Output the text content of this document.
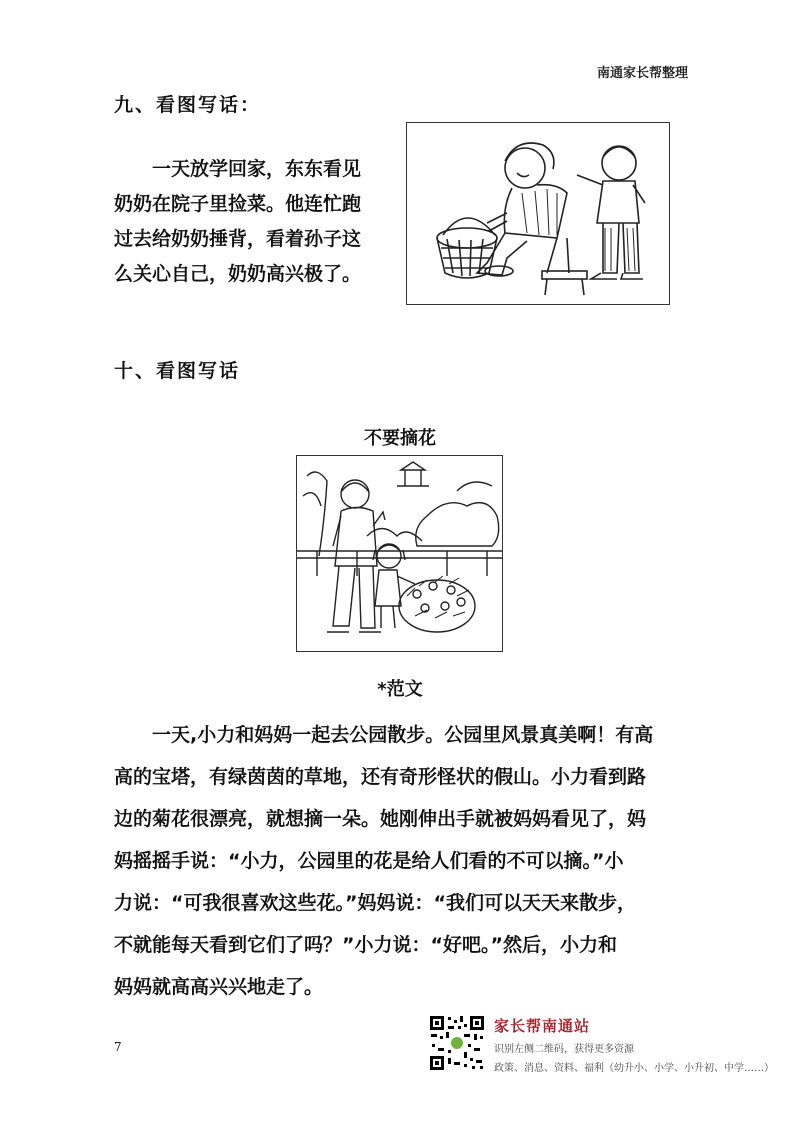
南通家长帮整理
九、看图写话：

一天放学回家，东东看见

奶奶在院子里捡菜。他连忙跑

过去给奶奶捶背，看着孙子这

么关心自己，奶奶高兴极了。

十、看图写话
不要摘花
*范文

一天,小力和妈妈一起去公园散步。公园里风景真美啊！有高

高的宝塔，有绿茵茵的草地，还有奇形怪状的假山。小力看到路

边的菊花很漂亮，就想摘一朵。她刚伸出手就被妈妈看见了，妈

妈摇摇手说：“小力，公园里的花是给人们看的不可以摘。”小

力说：“可我很喜欢这些花。”妈妈说：“我们可以天天来散步，

不就能每天看到它们了吗？”小力说：“好吧。”然后，小力和

妈妈就高高兴兴地走了。

7
家长帮南通站
识别左侧二维码，获得更多资源
政策、消息、资料、福利（幼升小、小学、小升初、中学……）
